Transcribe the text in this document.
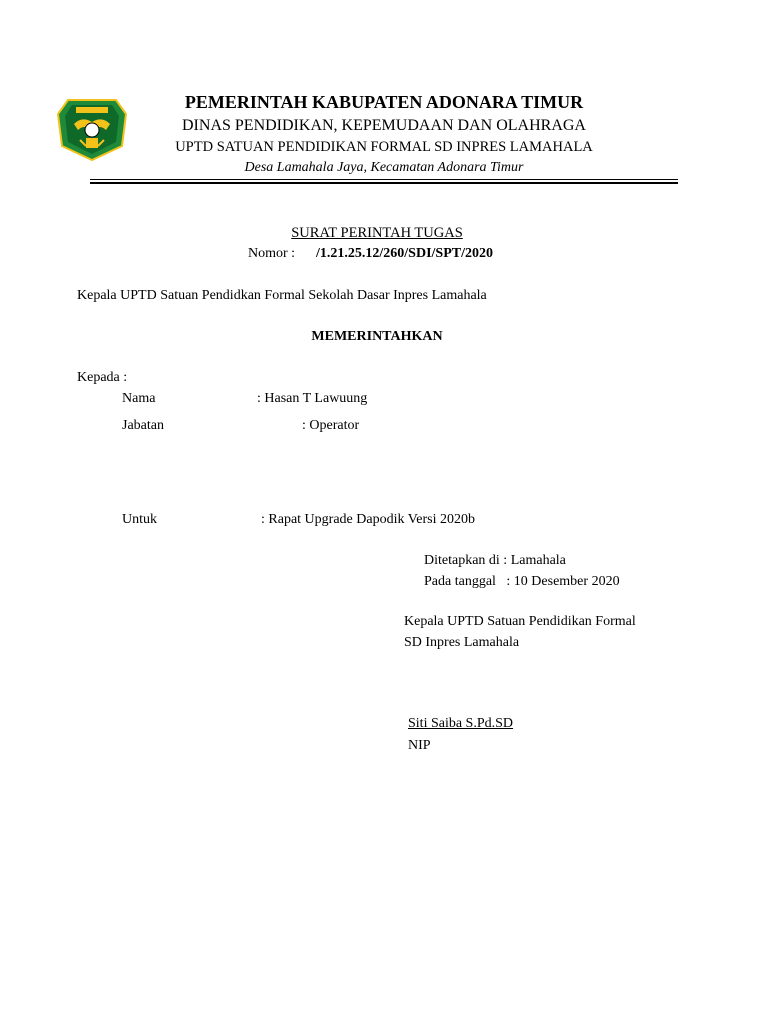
PEMERINTAH KABUPATEN ADONARA TIMUR
DINAS PENDIDIKAN, KEPEMUDAAN DAN OLAHRAGA
UPTD SATUAN PENDIDIKAN FORMAL SD INPRES LAMAHALA
Desa Lamahala Jaya, Kecamatan Adonara Timur
SURAT PERINTAH TUGAS
Nomor : /1.21.25.12/260/SDI/SPT/2020
Kepala UPTD Satuan Pendidkan Formal Sekolah Dasar Inpres Lamahala
MEMERINTAHKAN
Kepada :
Nama	: Hasan T Lawuung
Jabatan	: Operator
Untuk	: Rapat Upgrade Dapodik Versi 2020b
Ditetapkan di : Lamahala
Pada tanggal   : 10 Desember 2020
Kepala UPTD Satuan Pendidikan Formal
SD Inpres Lamahala
Siti Saiba S.Pd.SD
NIP
